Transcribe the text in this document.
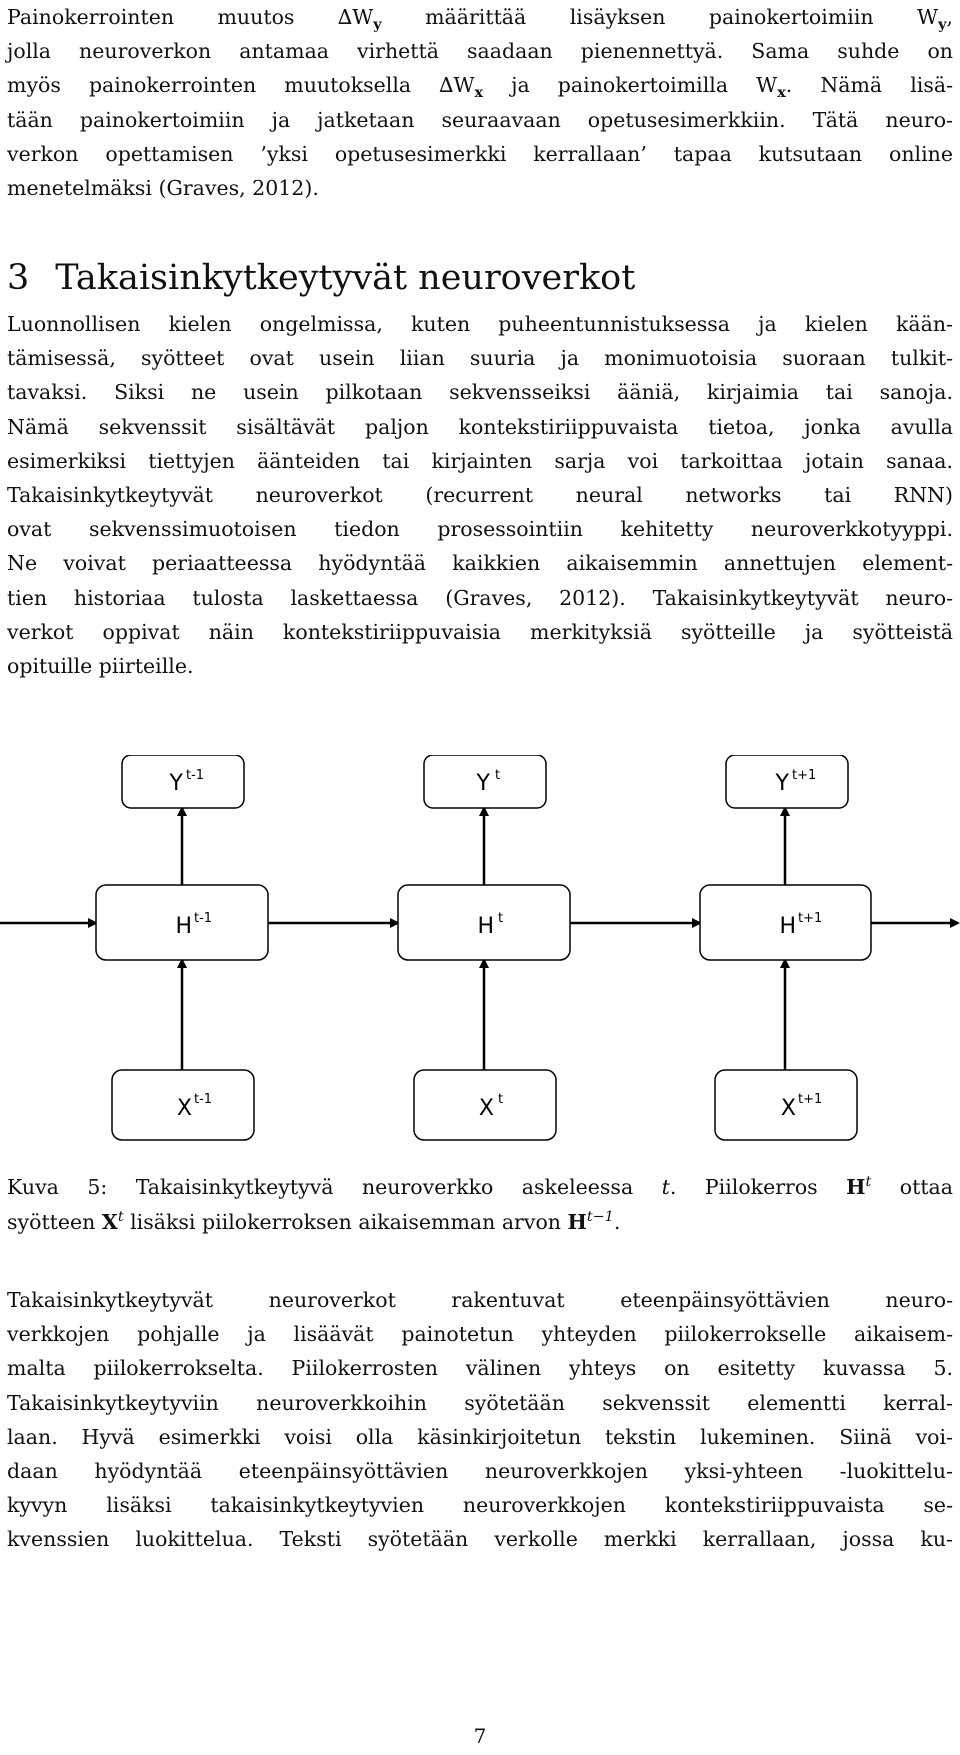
Painokerrointen muutos $\Delta W_y$ määrittää lisäyksen painokertoimiin $W_y$,
jolla neuroverkon antamaa virhettä saadaan pienennettyä. Sama suhde on
myös painokerrointen muutoksella $\Delta W_x$ ja painokertoimilla $W_x$. Nämä lisä-
tään painokertoimiin ja jatketaan seuraavaan opetusesimerkkiin. Tätä neuro-
verkon opettamisen ’yksi opetusesimerkki kerrallaan’ tapaa kutsutaan online
menetelmäksi (Graves, 2012).
3 Takaisinkytkeytyvät neuroverkot
Luonnollisen kielen ongelmissa, kuten puheentunnistuksessa ja kielen kään-
tämisessä, syötteet ovat usein liian suuria ja monimuotoisia suoraan tulkit-
tavaksi. Siksi ne usein pilkotaan sekvensseiksi ääniä, kirjaimia tai sanoja.
Nämä sekvenssit sisältävät paljon kontekstiriippuvaista tietoa, jonka avulla
esimerkiksi tiettyjen äänteiden tai kirjainten sarja voi tarkoittaa jotain sanaa.
Takaisinkytkeytyvät neuroverkot (recurrent neural networks tai RNN)
ovat sekvenssimuotoisen tiedon prosessointiin kehitetty neuroverkkotyyppi.
Ne voivat periaatteessa hyödyntää kaikkien aikaisemmin annettujen element-
tien historiaa tulosta laskettaessa (Graves, 2012). Takaisinkytkeytyvät neuro-
verkot oppivat näin kontekstiriippuvaisia merkityksiä syötteille ja syötteistä
opituille piirteille.
Y t-1	Y t	Y t+1
H t-1	H t	H t+1
X t-1	X t	X t+1
Kuva 5: Takaisinkytkeytyvä neuroverkko askeleessa t. Piilokerros $H^t$ ottaa
syötteen $X^t$ lisäksi piilokerroksen aikaisemman arvon $H^{t-1}$.
Takaisinkytkeytyvät neuroverkot rakentuvat eteenpäinsyöttävien neuro-
verkkojen pohjalle ja lisäävät painotetun yhteyden piilokerrokselle aikaisem-
malta piilokerrokselta. Piilokerrosten välinen yhteys on esitetty kuvassa 5.
Takaisinkytkeytyviin neuroverkkoihin syötetään sekvenssit elementti kerral-
laan. Hyvä esimerkki voisi olla käsinkirjoitetun tekstin lukeminen. Siinä voi-
daan hyödyntää eteenpäinsyöttävien neuroverkkojen yksi-yhteen -luokittelu-
kyvyn lisäksi takaisinkytkeytyvien neuroverkkojen kontekstiriippuvaista se-
kvenssien luokittelua. Teksti syötetään verkolle merkki kerrallaan, jossa ku-
7
